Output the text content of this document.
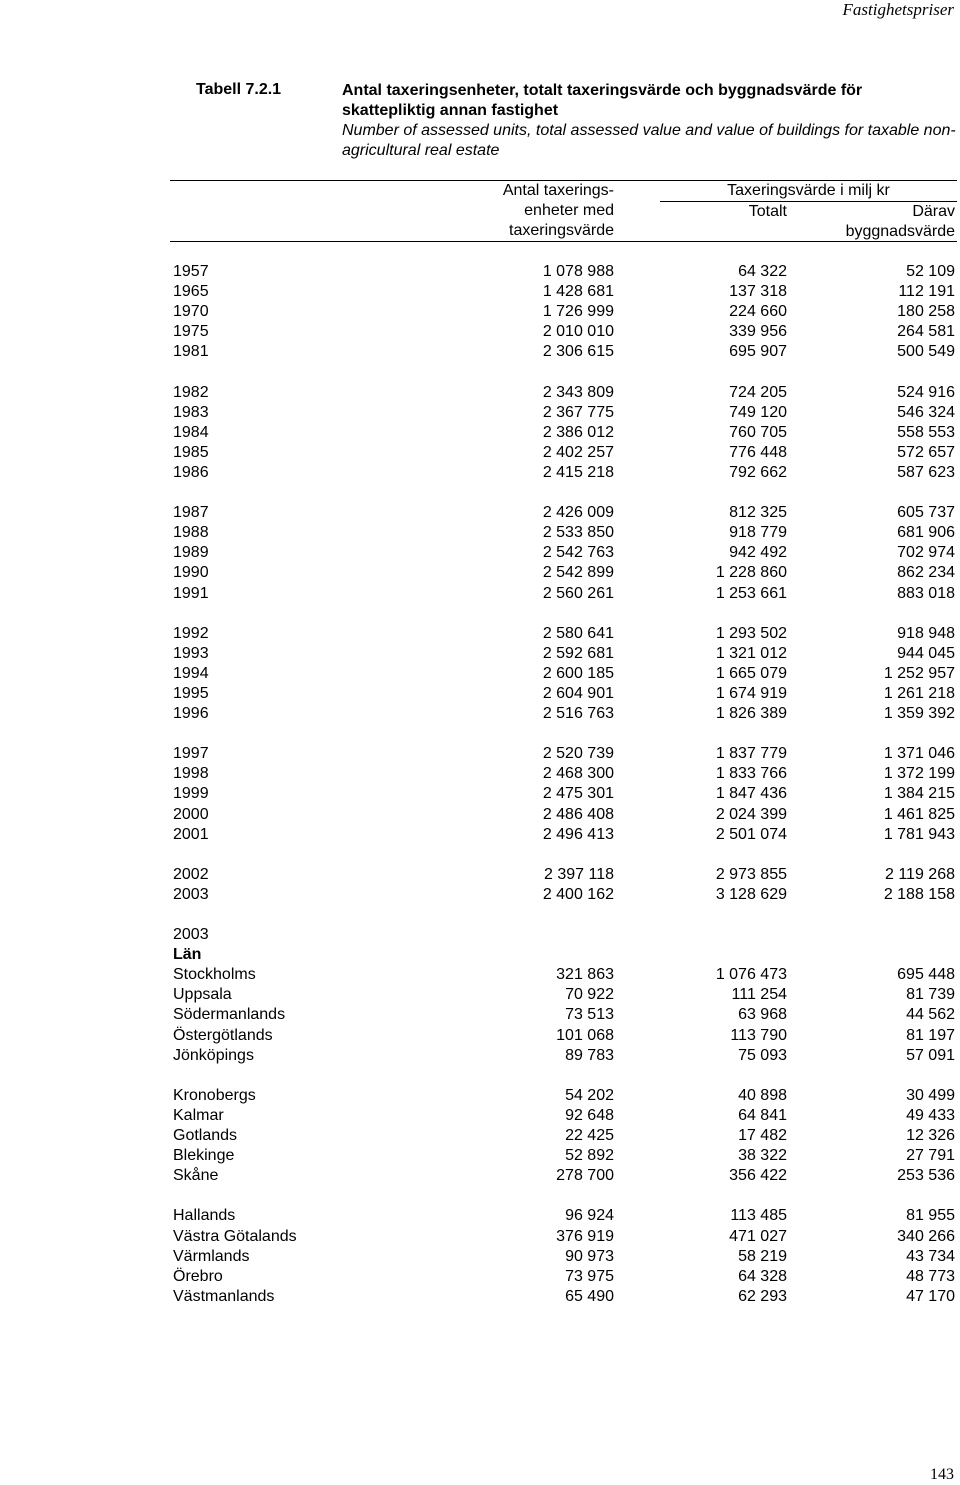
Fastighetspriser
Tabell 7.2.1	Antal taxeringsenheter, totalt taxeringsvärde och byggnadsvärde för skattepliktig annan fastighet
Number of assessed units, total assessed value and value of buildings for taxable non-agricultural real estate
Antal taxerings-
enheter med
taxeringsvärde
Taxeringsvärde i milj kr
Totalt	Därav
byggnadsvärde
1957	1 078 988	64 322	52 109
1965	1 428 681	137 318	112 191
1970	1 726 999	224 660	180 258
1975	2 010 010	339 956	264 581
1981	2 306 615	695 907	500 549
1982	2 343 809	724 205	524 916
1983	2 367 775	749 120	546 324
1984	2 386 012	760 705	558 553
1985	2 402 257	776 448	572 657
1986	2 415 218	792 662	587 623
1987	2 426 009	812 325	605 737
1988	2 533 850	918 779	681 906
1989	2 542 763	942 492	702 974
1990	2 542 899	1 228 860	862 234
1991	2 560 261	1 253 661	883 018
1992	2 580 641	1 293 502	918 948
1993	2 592 681	1 321 012	944 045
1994	2 600 185	1 665 079	1 252 957
1995	2 604 901	1 674 919	1 261 218
1996	2 516 763	1 826 389	1 359 392
1997	2 520 739	1 837 779	1 371 046
1998	2 468 300	1 833 766	1 372 199
1999	2 475 301	1 847 436	1 384 215
2000	2 486 408	2 024 399	1 461 825
2001	2 496 413	2 501 074	1 781 943
2002	2 397 118	2 973 855	2 119 268
2003	2 400 162	3 128 629	2 188 158
2003
Län
Stockholms	321 863	1 076 473	695 448
Uppsala	70 922	111 254	81 739
Södermanlands	73 513	63 968	44 562
Östergötlands	101 068	113 790	81 197
Jönköpings	89 783	75 093	57 091
Kronobergs	54 202	40 898	30 499
Kalmar	92 648	64 841	49 433
Gotlands	22 425	17 482	12 326
Blekinge	52 892	38 322	27 791
Skåne	278 700	356 422	253 536
Hallands	96 924	113 485	81 955
Västra Götalands	376 919	471 027	340 266
Värmlands	90 973	58 219	43 734
Örebro	73 975	64 328	48 773
Västmanlands	65 490	62 293	47 170
143
